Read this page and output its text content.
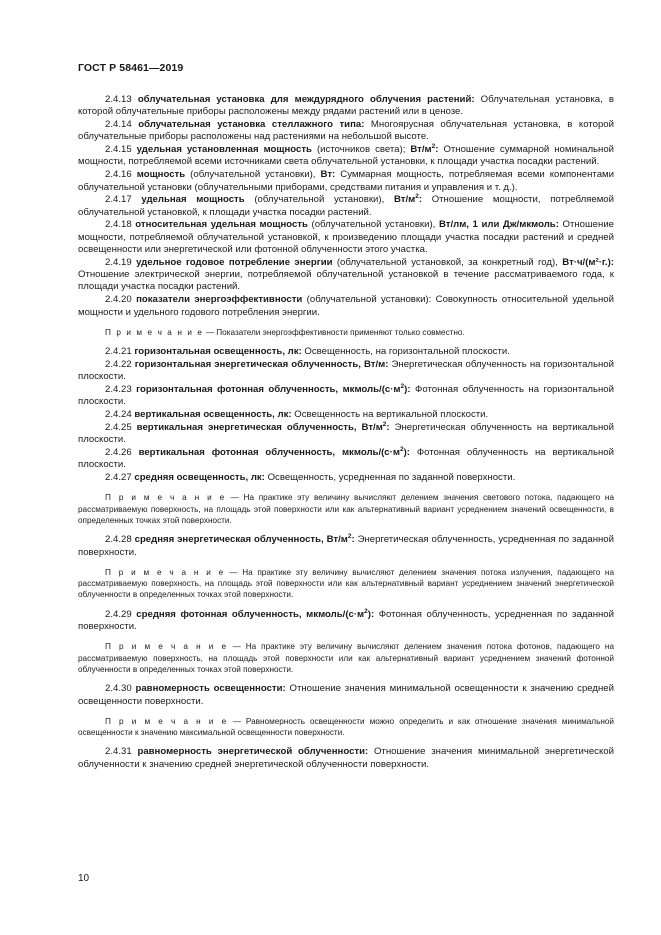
ГОСТ Р 58461—2019

2.4.13 облучательная установка для междурядного облучения растений: Облучательная установка, в которой облучательные приборы расположены между рядами растений или в ценозе.

2.4.14 облучательная установка стеллажного типа: Многоярусная облучательная установка, в которой облучательные приборы расположены над растениями на небольшой высоте.

2.4.15 удельная установленная мощность (источников света); $Вт/м^2$: Отношение суммарной номинальной мощности, потребляемой всеми источниками света облучательной установки, к площади участка посадки растений.

2.4.16 мощность (облучательной установки), Вт: Суммарная мощность, потребляемая всеми компонентами облучательной установки (облучательными приборами, средствами питания и управления и т. д.).

2.4.17 удельная мощность (облучательной установки), $Вт/м^2$: Отношение мощности, потребляемой облучательной установкой, к площади участка посадки растений.

2.4.18 относительная удельная мощность (облучательной установки), Вт/лм, 1 или Дж/мкмоль: Отношение мощности, потребляемой облучательной установкой, к произведению площади участка посадки растений и средней освещенности или энергетической или фотонной облученности этого участка.

2.4.19 удельное годовое потребление энергии (облучательной установкой, за конкретный год), Вт·ч/(м²·г.): Отношение электрической энергии, потребляемой облучательной установкой в течение рассматриваемого года, к площади участка посадки растений.

2.4.20 показатели энергоэффективности (облучательной установки): Совокупность относительной удельной мощности и удельного годового потребления энергии.

П р и м е ч а н и е — Показатели энергоэффективности применяют только совместно.

2.4.21 горизонтальная освещенность, лк: Освещенность, на горизонтальной плоскости.

2.4.22 горизонтальная энергетическая облученность, Вт/м: Энергетическая облученность на горизонтальной плоскости.

2.4.23 горизонтальная фотонная облученность, мкмоль/$(с\cdot м^2)$: Фотонная облученность на горизонтальной плоскости.

2.4.24 вертикальная освещенность, лк: Освещенность на вертикальной плоскости.

2.4.25 вертикальная энергетическая облученность, $Вт/м^2$: Энергетическая облученность на вертикальной плоскости.

2.4.26 вертикальная фотонная облученность, мкмоль/$(с\cdot м^2)$: Фотонная облученность на вертикальной плоскости.

2.4.27 средняя освещенность, лк: Освещенность, усредненная по заданной поверхности.

П р и м е ч а н и е — На практике эту величину вычисляют делением значения светового потока, падающего на рассматриваемую поверхность, на площадь этой поверхности или как альтернативный вариант усреднением значений освещенности, в определенных точках этой поверхности.

2.4.28 средняя энергетическая облученность, $Вт/м^2$: Энергетическая облученность, усредненная по заданной поверхности.

П р и м е ч а н и е — На практике эту величину вычисляют делением значения потока излучения, падающего на рассматриваемую поверхность, на площадь этой поверхности или как альтернативный вариант усреднением значений энергетической облученности в определенных точках этой поверхности.

2.4.29 средняя фотонная облученность, мкмоль/$(с\cdot м^2)$: Фотонная облученность, усредненная по заданной поверхности.

П р и м е ч а н и е — На практике эту величину вычисляют делением значения потока фотонов, падающего на рассматриваемую поверхность, на площадь этой поверхности или как альтернативный вариант усреднением значений фотонной облученности в определенных точках этой поверхности.

2.4.30 равномерность освещенности: Отношение значения минимальной освещенности к значению средней освещенности поверхности.

П р и м е ч а н и е — Равномерность освещенности можно определить и как отношение значения минимальной освещенности к значению максимальной освещенности поверхности.

2.4.31 равномерность энергетической облученности: Отношение значения минимальной энергетической облученности к значению средней энергетической облученности поверхности.

10
